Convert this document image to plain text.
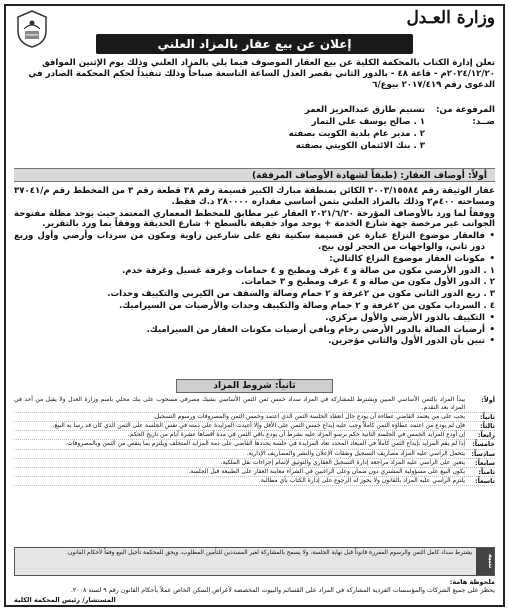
وزارة العـدل
إعلان عن بيع عقار بالمزاد العلني
تعلن إدارة الكتاب بالمحكمة الكلية عن بيع العقار الموصوف فيما يلي بالمزاد العلني وذلك يوم الإثنين الموافق ٢٠٢٤/١٢/٢٠م - قاعة ٤٨ - بالدور الثاني بقصر العدل الساعة التاسعة صباحاً وذلك تنفيذاً لحكم المحكمة الصادر في الدعوى رقم ٢٠١٧/٤١٩ بيوع/٦
المرفوعة من:
تسنيم طارق عبدالعزيز العمر
ضــد:
١ . صالح يوسف علي التمار
٢ . مدير عام بلدية الكويت بصفته
٣ . بنك الائتمان الكويتي بصفته
أولاً: أوصاف العقار: (طبقاً لشهادة الأوصاف المرفقة)

عقار الوثيقة رقم ٢٠٠٣/١٥٥٨٤ الكائن بمنطقة مبارك الكبير قسيمة رقم ٣٨ قطعة رقم ٣ من المخطط رقم م/٣٧٠٤١ ومساحته ٤٠٠م٢ وذلك بالمزاد العلني بثمن أساسي مقداره ٢٨٠٠٠٠ د.ك فقط.

ووفقاً لما ورد بالأوصاف المؤرخة ٢٠٢١/٦/٢٠ العقار غير مطابق للمخطط المعماري المعتمد حيث يوجد مظلة مفتوحة الجوانب غير مرخصة جهة شارع الخدمة + يوجد مواد خفيفة بالسطح + شارع الحديقة ووفقاً بما ورد بالتقرير.

• فالعقار موضوع النزاع عبارة عن قسيمة سكنية تقع على شارعين زاوية ومكون من سرداب وأرضي وأول وربع دور ثاني، والواجهات من الحجر لون بيج.

• مكونات العقار موضوع النزاع كالتالي:

١ . الدور الأرضي مكون من صالة و ٤ غرف ومطبخ و ٤ حمامات وغرفة غسيل وغرفة خدم.

٢ . الدور الأول مكون من صالة و ٤ غرف ومطبخ و ٣ حمامات.

٣ . ربع الدور الثاني مكون من ٢غرفة و ٢ حمام وصالة والسقف من الكيربي والتكييف وحدات.

٤ . السرداب مكون من ٢غرفة و ٢ حمام وصالة والتكييف وحدات والأرضيات من السيراميك.

• التكييف بالدور الأرضي والأول مركزي.

• أرضيات الصالة بالدور الأرضي رخام وباقي أرضيات مكونات العقار من السيراميك.

• تبين بأن الدور الأول والثاني مؤجرين.

ثانياً: شروط المزاد
أولاً:
يبدأ المزاد بالثمن الأساسي المبين ويشترط للمشاركة في المزاد سداد خمس ثمن الثمن الأساسي بشيك مصرفي مسحوب على بنك محلي باسم وزارة العدل ولا يقبل من أحد في المزاد بعد التقدم.
ثانياً:
يجب على من يعتمد القاضي عطاءه أن يودع حال انعقاد الجلسة الثمن الذي اعتمد وخمس الثمن والمصروفات ورسوم التسجيل.
ثالثاً:
فإن لم يودع من اعتمد عطاؤه الثمن كاملاً وجب عليه إيداع خمس الثمن على الأقل وإلا أعيدت المزايدة على ذمته في نفس الجلسة على الثمن الذي كان قد رسا به البيع.
رابعاً:
إن أودع المزايد الخمس في الجلسة الثانية حكم برسو المزاد عليه بشرط أن يودع باقي الثمن في مدة أقصاها عشرة أيام من تاريخ الحكم.
خامساً:
إذا لم يقم المزايد بإيداع الثمن كاملاً في الميعاد المحدد تعاد المزايدة في جلسة يحددها القاضي على ذمة المزايد المتخلف ويلتزم بما ينقص من الثمن وبالمصروفات.
سادساً:
يتحمل الراسي عليه المزاد مصاريف التسجيل ونفقات الإعلان والنشر والمصاريف الإدارية.
سابعاً:
يتعين على الراسي عليه المزاد مراجعة إدارة التسجيل العقاري والتوثيق لإتمام إجراءات نقل الملكية.
ثامناً:
يكون البيع على مسؤولية المشتري دون ضمان وعلى الراغبين في الشراء معاينة العقار على الطبيعة قبل الجلسة.
تاسعاً:
يلتزم الراسي عليه المزاد بالقانون ولا يجوز له الرجوع على إدارة الكتاب بأي مطالبة.
تنبيه
يشترط سداد كامل الثمن والرسوم المقررة قانوناً قبل نهاية الجلسة، ولا يسمح بالمشاركة لغير المسددين للتأمين المطلوب، ويحق للمحكمة تأجيل البيع وفقاً لأحكام القانون.
ملحوظة هامة:
يحظر على جميع الشركات والمؤسسات الفردية المشاركة في المزاد على القسائم والبيوت المخصصة لأغراض السكن الخاص عملاً بأحكام القانون رقم ٩ لسنة ٢٠٠٨.
المستشار/ رئيس المحكمة الكلية
